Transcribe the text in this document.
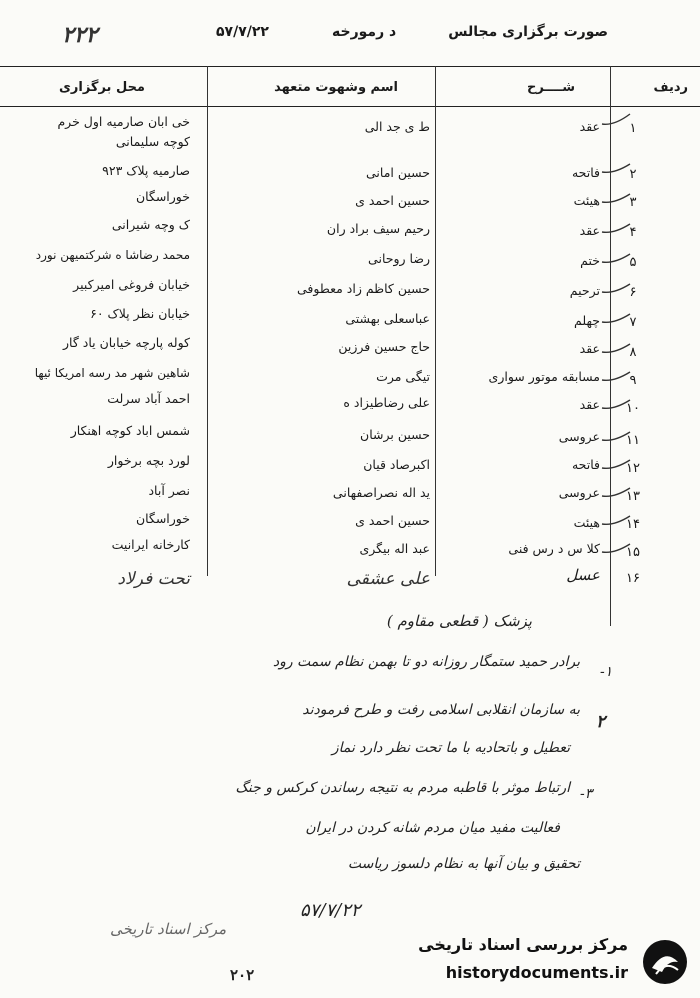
۲۲۲	۵۷/۷/۲۲	د رمورخه	صورت برگزاری مجالس
محل برگزاری	اسم وشهوت متعهد	شــــرح	ردیف
خی ابان صارمیه اول خرم
کوچه سلیمانی
ط ی جد الی	عقد	۱
صارمیه پلاک ۹۲۳	حسین امانی	فاتحه	۲
خوراسگان	حسین احمد ی	هیئت	۳
ک وچه شیرانی	رحیم سیف براد ران	عقد	۴
محمد رضاشا ه شرکتمیهن نورد	رضا روحانی	ختم	۵
خیابان فروغی امیرکبیر	حسین کاظم زاد معطوفی	ترحیم	۶
خیابان نظر پلاک ۶۰	عباسعلی بهشتی	چهلم	۷
کوله پارچه خیابان یاد گار	حاج حسین فرزین	عقد	۸
شاهین شهر مد رسه امریکا ئیها	تیگی مرت	مسابقه موتور سواری	۹
احمد آباد سرلت	علی رضاطیزاد ه	عقد	۱۰
شمس اباد کوچه اهنکار	حسین برشان	عروسی	۱۱
لورد بچه برخوار	اکبرصاد قیان	فاتحه	۱۲
نصر آباد	ید اله نصراصفهانی	عروسی	۱۳
خوراسگان	حسین احمد ی	هیئت	۱۴
کارخانه ایرانیت	عبد اله بیگری	کلا س د رس فنی	۱۵
تحت فرلاد	علی عشقی	عسل	۱۶
پزشک ( قطعی مقاوم )
۱-
برادر حمید ستمگار روزانه دو تا بهمن نظام سمت رود
۲
به سازمان انقلابی اسلامی رفت و طرح فرمودند
تعطیل و باتحادیه با ما تحت نظر دارد نماز
۳-
ارتباط موثر با قاطبه مردم به نتیجه رساندن کرکس و جنگ
فعالیت مفید میان مردم شانه کردن در ایران
تحقیق و بیان آنها به نظام دلسوز ریاست
۵۷/۷/۲۲
مرکز اسناد تاریخی
۲۰۲
مرکز بررسی اسناد تاریخی
historydocuments.ir
